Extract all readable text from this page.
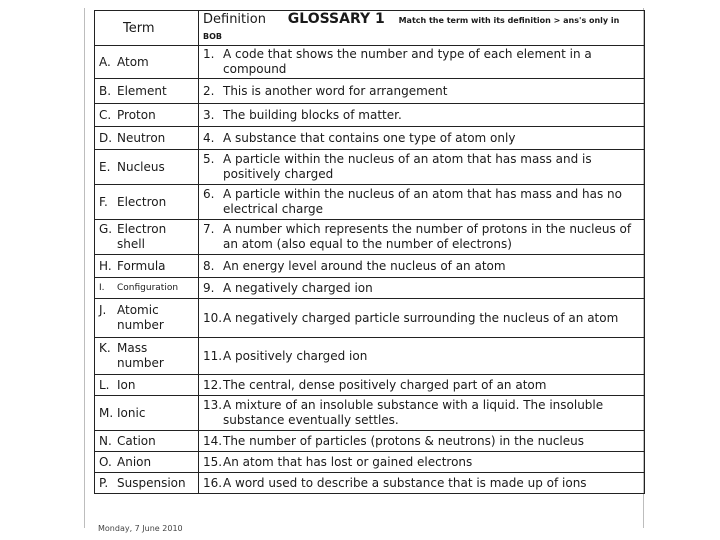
Term	Definition GLOSSARY 1 Match the term with its definition > ans's only in BOB

A. Atom	1. A code that shows the number and type of each element in a compound

B. Element	2. This is another word for arrangement

C. Proton	3. The building blocks of matter.

D. Neutron	4. A substance that contains one type of atom only

E. Nucleus	5. A particle within the nucleus of an atom that has mass and is positively charged

F. Electron	6. A particle within the nucleus of an atom that has mass and has no electrical charge

G. Electron shell	7. A number which represents the number of protons in the nucleus of an atom (also equal to the number of electrons)

H. Formula	8. An energy level around the nucleus of an atom

I. Configuration	9. A negatively charged ion

J. Atomic number	10. A negatively charged particle surrounding the nucleus of an atom

K. Mass number	11. A positively charged ion

L. Ion	12. The central, dense positively charged part of an atom

M. Ionic	13. A mixture of an insoluble substance with a liquid. The insoluble substance eventually settles.

N. Cation	14. The number of particles (protons & neutrons) in the nucleus

O. Anion	15. An atom that has lost or gained electrons

P. Suspension	16. A word used to describe a substance that is made up of ions
Monday, 7 June 2010
